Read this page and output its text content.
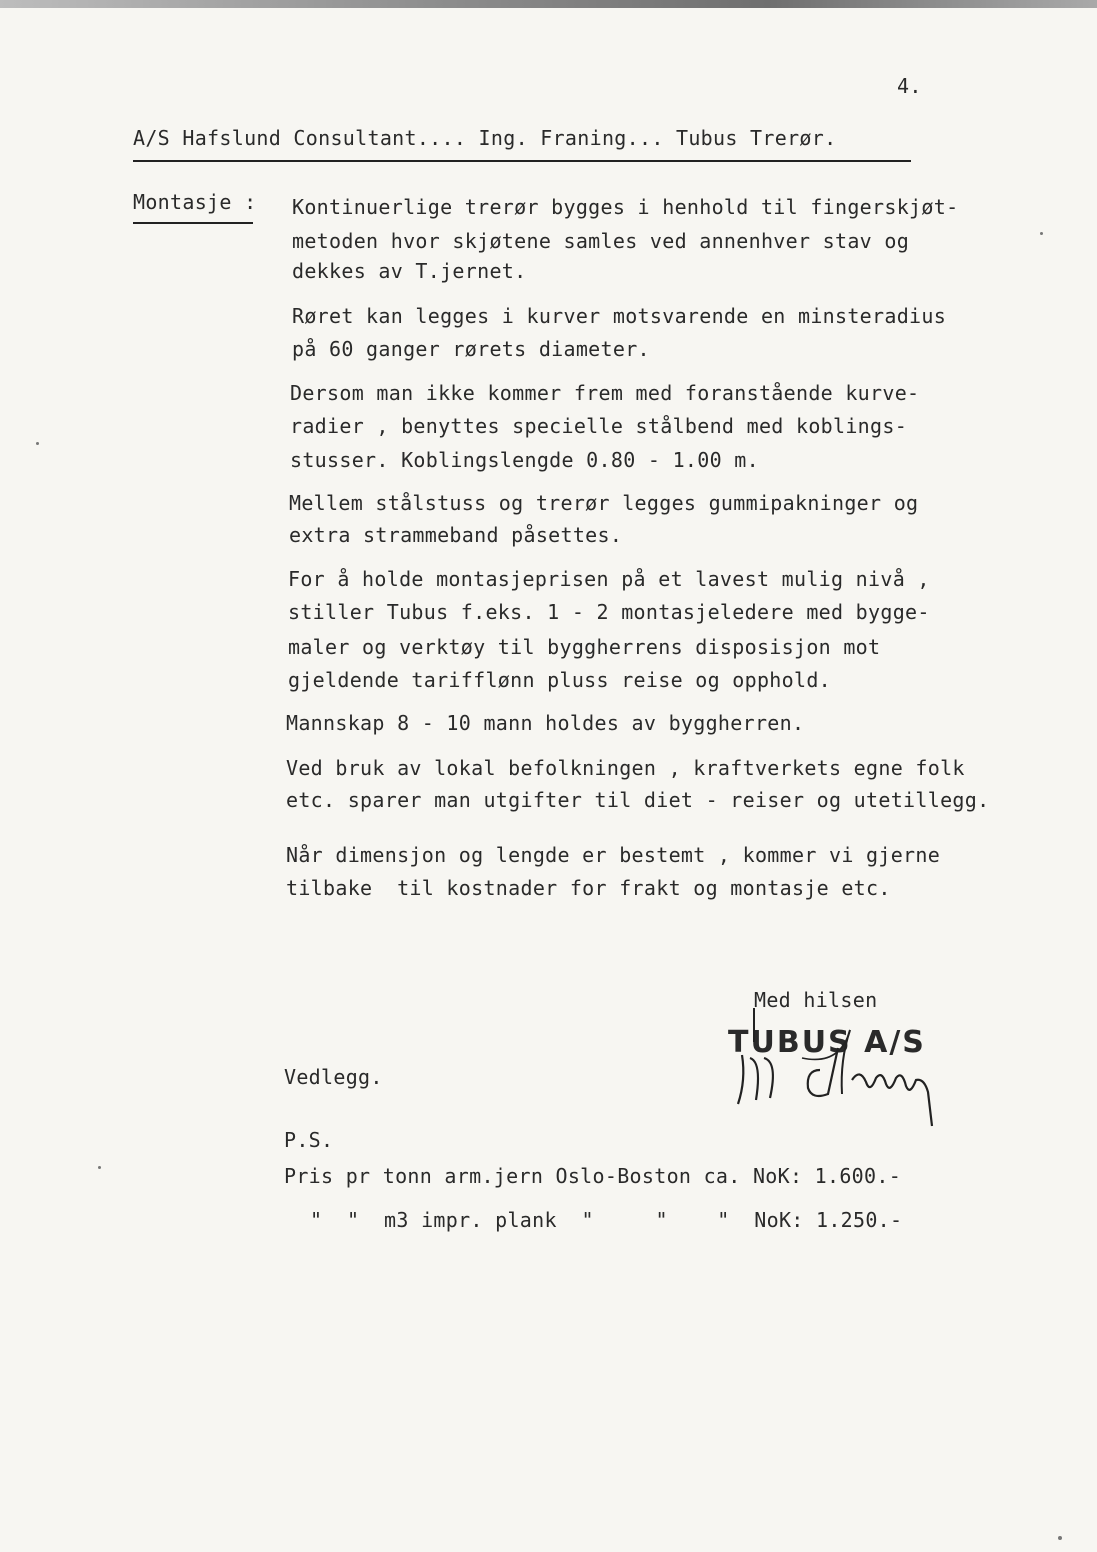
4.
A/S Hafslund Consultant.... Ing. Franing... Tubus Trerør.
Montasje : Kontinuerlige trerør bygges i henhold til fingerskjøt-
metoden hvor skjøtene samles ved annenhver stav og
dekkes av T.jernet.
Røret kan legges i kurver motsvarende en minsteradius
på 60 ganger rørets diameter.
Dersom man ikke kommer frem med foranstående kurve-
radier , benyttes specielle stålbend med koblings-
stusser. Koblingslengde 0.80 - 1.00 m.
Mellem stålstuss og trerør legges gummipakninger og
extra strammeband påsettes.
For å holde montasjeprisen på et lavest mulig nivå ,
stiller Tubus f.eks. 1 - 2 montasjeledere med bygge-
maler og verktøy til byggherrens disposisjon mot
gjeldende tarifflønn pluss reise og opphold.
Mannskap 8 - 10 mann holdes av byggherren.
Ved bruk av lokal befolkningen , kraftverkets egne folk
etc. sparer man utgifter til diet - reiser og utetillegg.
Når dimensjon og lengde er bestemt , kommer vi gjerne
tilbake  til kostnader for frakt og montasje etc.
Med hilsen
TUBUS A/S
Vedlegg.
P.S.
Pris pr tonn arm.jern Oslo-Boston ca. NoK: 1.600.-
"  "  m3 impr. plank  "     "    "  NoK: 1.250.-
